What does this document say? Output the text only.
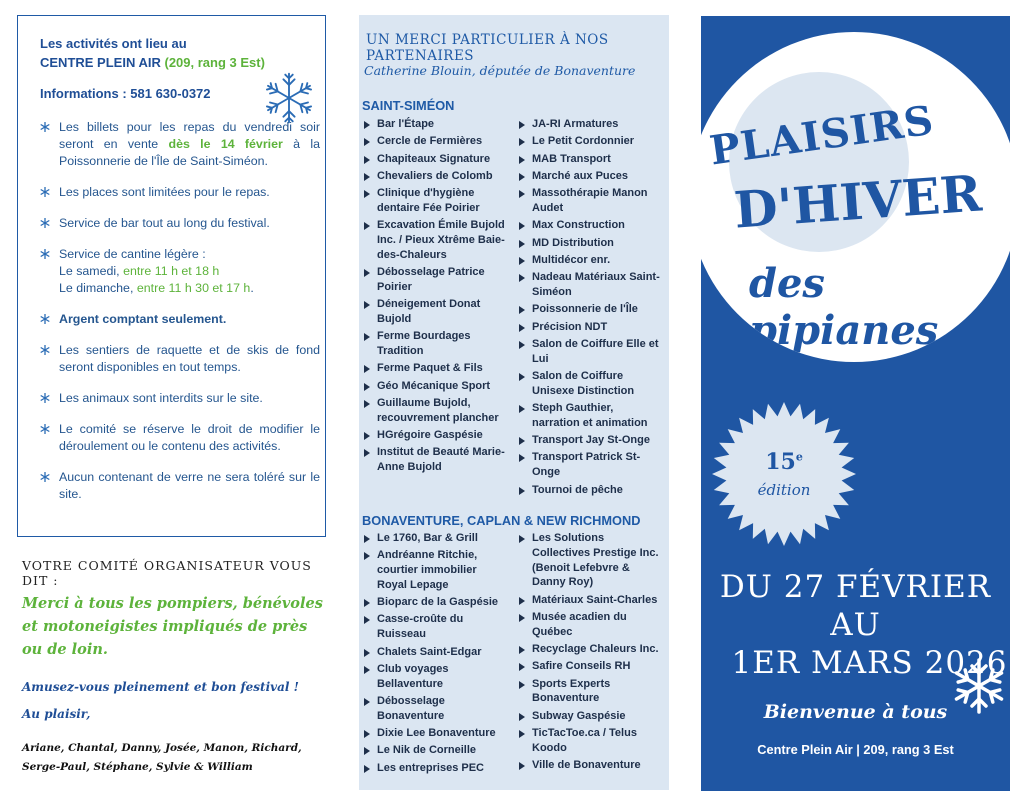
Les activités ont lieu au
CENTRE PLEIN AIR (209, rang 3 Est)
Informations : 581 630-0372
Les billets pour les repas du vendredi soir seront en vente dès le 14 février à la Poissonnerie de l'Île de Saint-Siméon.
Les places sont limitées pour le repas.
Service de bar tout au long du festival.
Service de cantine légère :
Le samedi, entre 11 h et 18 h
Le dimanche, entre 11 h 30 et 17 h.
Argent comptant seulement.
Les sentiers de raquette et de skis de fond seront disponibles en tout temps.
Les animaux sont interdits sur le site.
Le comité se réserve le droit de modifier le déroulement ou le contenu des activités.
Aucun contenant de verre ne sera toléré sur le site.
VOTRE COMITÉ ORGANISATEUR VOUS DIT :
Merci à tous les pompiers, bénévoles et motoneigistes impliqués de près ou de loin.
Amusez-vous pleinement et bon festival !
Au plaisir,
Ariane, Chantal, Danny, Josée, Manon, Richard,
Serge-Paul, Stéphane, Sylvie & William
UN MERCI PARTICULIER À NOS PARTENAIRES
Catherine Blouin, députée de Bonaventure
SAINT-SIMÉON
Bar l'Étape
Cercle de Fermières
Chapiteaux Signature
Chevaliers de Colomb
Clinique d'hygiène dentaire Fée Poirier
Excavation Émile Bujold Inc. / Pieux Xtrême Baie-des-Chaleurs
Débosselage Patrice Poirier
Déneigement Donat Bujold
Ferme Bourdages Tradition
Ferme Paquet & Fils
Géo Mécanique Sport
Guillaume Bujold, recouvrement plancher
HGrégoire Gaspésie
Institut de Beauté Marie-Anne Bujold
JA-RI Armatures
Le Petit Cordonnier
MAB Transport
Marché aux Puces
Massothérapie Manon Audet
Max Construction
MD Distribution
Multidécor enr.
Nadeau Matériaux Saint-Siméon
Poissonnerie de l'Île
Précision NDT
Salon de Coiffure Elle et Lui
Salon de Coiffure Unisexe Distinction
Steph Gauthier, narration et animation
Transport Jay St-Onge
Transport Patrick St-Onge
Tournoi de pêche
BONAVENTURE, CAPLAN & NEW RICHMOND
Le 1760, Bar & Grill
Andréanne Ritchie, courtier immobilier Royal Lepage
Bioparc de la Gaspésie
Casse-croûte du Ruisseau
Chalets Saint-Edgar
Club voyages Bellaventure
Débosselage Bonaventure
Dixie Lee Bonaventure
Le Nik de Corneille
Les entreprises PEC
Les Solutions Collectives Prestige Inc. (Benoit Lefebvre & Danny Roy)
Matériaux Saint-Charles
Musée acadien du Québec
Recyclage Chaleurs Inc.
Safire Conseils RH
Sports Experts Bonaventure
Subway Gaspésie
TicTacToe.ca / Telus Koodo
Ville de Bonaventure
PLAISIRS
D'HIVER
des pipianes
15e
édition
DU 27 FÉVRIER AU
1ER MARS 2026
Bienvenue à tous
Centre Plein Air | 209, rang 3 Est
